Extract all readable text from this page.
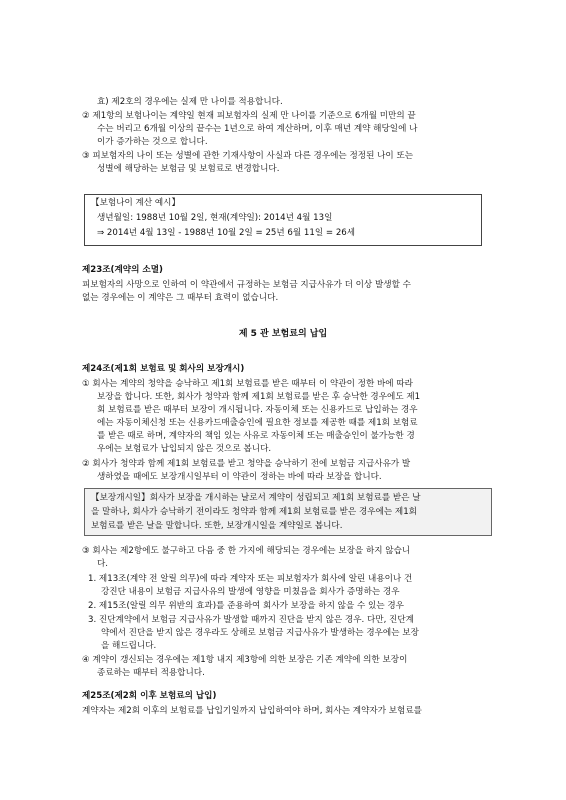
제 5 관 보험료의 납입
효) 제2호의 경우에는 실제 만 나이를 적용합니다.
② 제1항의 보험나이는 계약일 현재 피보험자의 실제 만 나이를 기준으로 6개월 미만의 끝
수는 버리고 6개월 이상의 끝수는 1년으로 하여 계산하며, 이후 매년 계약 해당일에 나
이가 증가하는 것으로 합니다.
③ 피보험자의 나이 또는 성별에 관한 기재사항이 사실과 다른 경우에는 정정된 나이 또는
성별에 해당하는 보험금 및 보험료로 변경합니다.
【보험나이 계산 예시】
생년월일: 1988년 10월 2일, 현재(계약일): 2014년 4월 13일
⇒ 2014년 4월 13일 - 1988년 10월 2일 = 25년 6월 11일 = 26세
제23조(계약의 소멸)
피보험자의 사망으로 인하여 이 약관에서 규정하는 보험금 지급사유가 더 이상 발생할 수
없는 경우에는 이 계약은 그 때부터 효력이 없습니다.
제24조(제1회 보험료 및 회사의 보장개시)
① 회사는 계약의 청약을 승낙하고 제1회 보험료를 받은 때부터 이 약관이 정한 바에 따라
보장을 합니다. 또한, 회사가 청약과 함께 제1회 보험료를 받은 후 승낙한 경우에도 제1
회 보험료를 받은 때부터 보장이 개시됩니다. 자동이체 또는 신용카드로 납입하는 경우
에는 자동이체신청 또는 신용카드매출승인에 필요한 정보를 제공한 때를 제1회 보험료
를 받은 때로 하며, 계약자의 책임 있는 사유로 자동이체 또는 매출승인이 불가능한 경
우에는 보험료가 납입되지 않은 것으로 봅니다.
② 회사가 청약과 함께 제1회 보험료를 받고 청약을 승낙하기 전에 보험금 지급사유가 발
생하였을 때에도 보장개시일부터 이 약관이 정하는 바에 따라 보장을 합니다.
【보장개시일】회사가 보장을 개시하는 날로서 계약이 성립되고 제1회 보험료를 받은 날
을 말하나, 회사가 승낙하기 전이라도 청약과 함께 제1회 보험료를 받은 경우에는 제1회
보험료를 받은 날을 말합니다. 또한, 보장개시일을 계약일로 봅니다.
③ 회사는 제2항에도 불구하고 다음 중 한 가지에 해당되는 경우에는 보장을 하지 않습니
다.
1. 제13조(계약 전 알릴 의무)에 따라 계약자 또는 피보험자가 회사에 알린 내용이나 건
강진단 내용이 보험금 지급사유의 발생에 영향을 미쳤음을 회사가 증명하는 경우
2. 제15조(알릴 의무 위반의 효과)를 준용하여 회사가 보장을 하지 않을 수 있는 경우
3. 진단계약에서 보험금 지급사유가 발생할 때까지 진단을 받지 않은 경우. 다만, 진단계
약에서 진단을 받지 않은 경우라도 상해로 보험금 지급사유가 발생하는 경우에는 보장
을 해드립니다.
④ 계약이 갱신되는 경우에는 제1항 내지 제3항에 의한 보장은 기존 계약에 의한 보장이
종료하는 때부터 적용합니다.
제25조(제2회 이후 보험료의 납입)
계약자는 제2회 이후의 보험료를 납입기일까지 납입하여야 하며, 회사는 계약자가 보험료를
